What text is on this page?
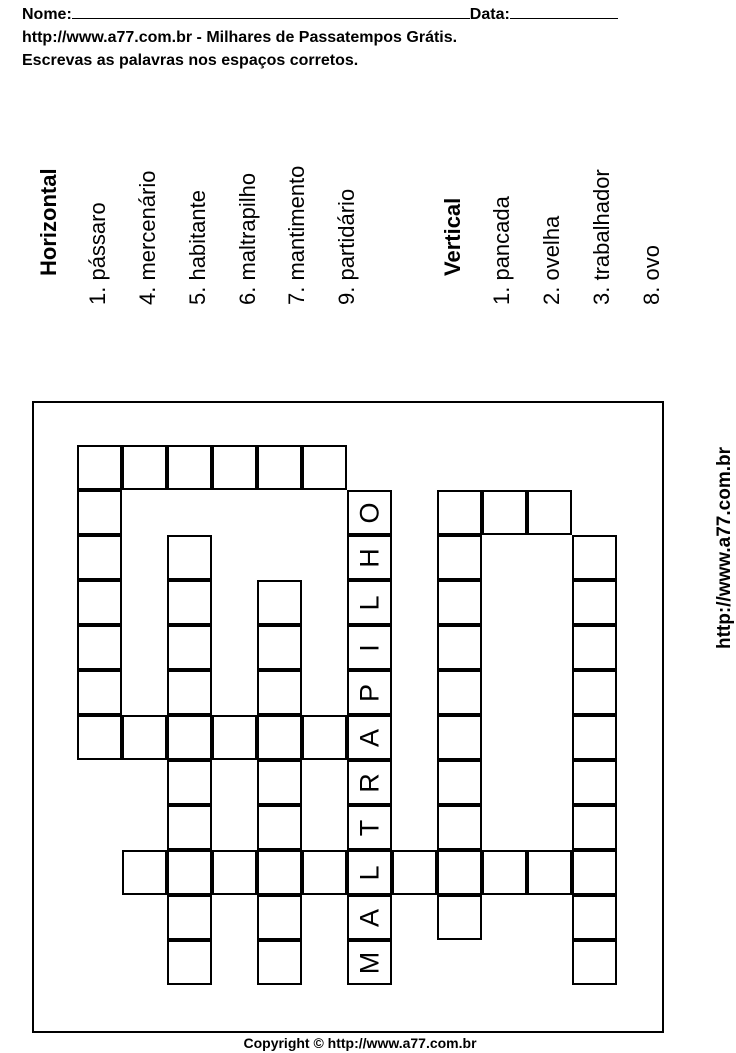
Nome:	Data:
http://www.a77.com.br - Milhares de Passatempos Grátis.
Escrevas as palavras nos espaços corretos.
Horizontal 1. pássaro 4. mercenário 5. habitante 6. maltrapilho 7. mantimento 9. partidário	Vertical 1. pancada 2. ovelha 3. trabalhador 8. ovo
http://www.a77.com.br
O
H
L
I
P
A
R
T
L
A
M
Copyright © http://www.a77.com.br
